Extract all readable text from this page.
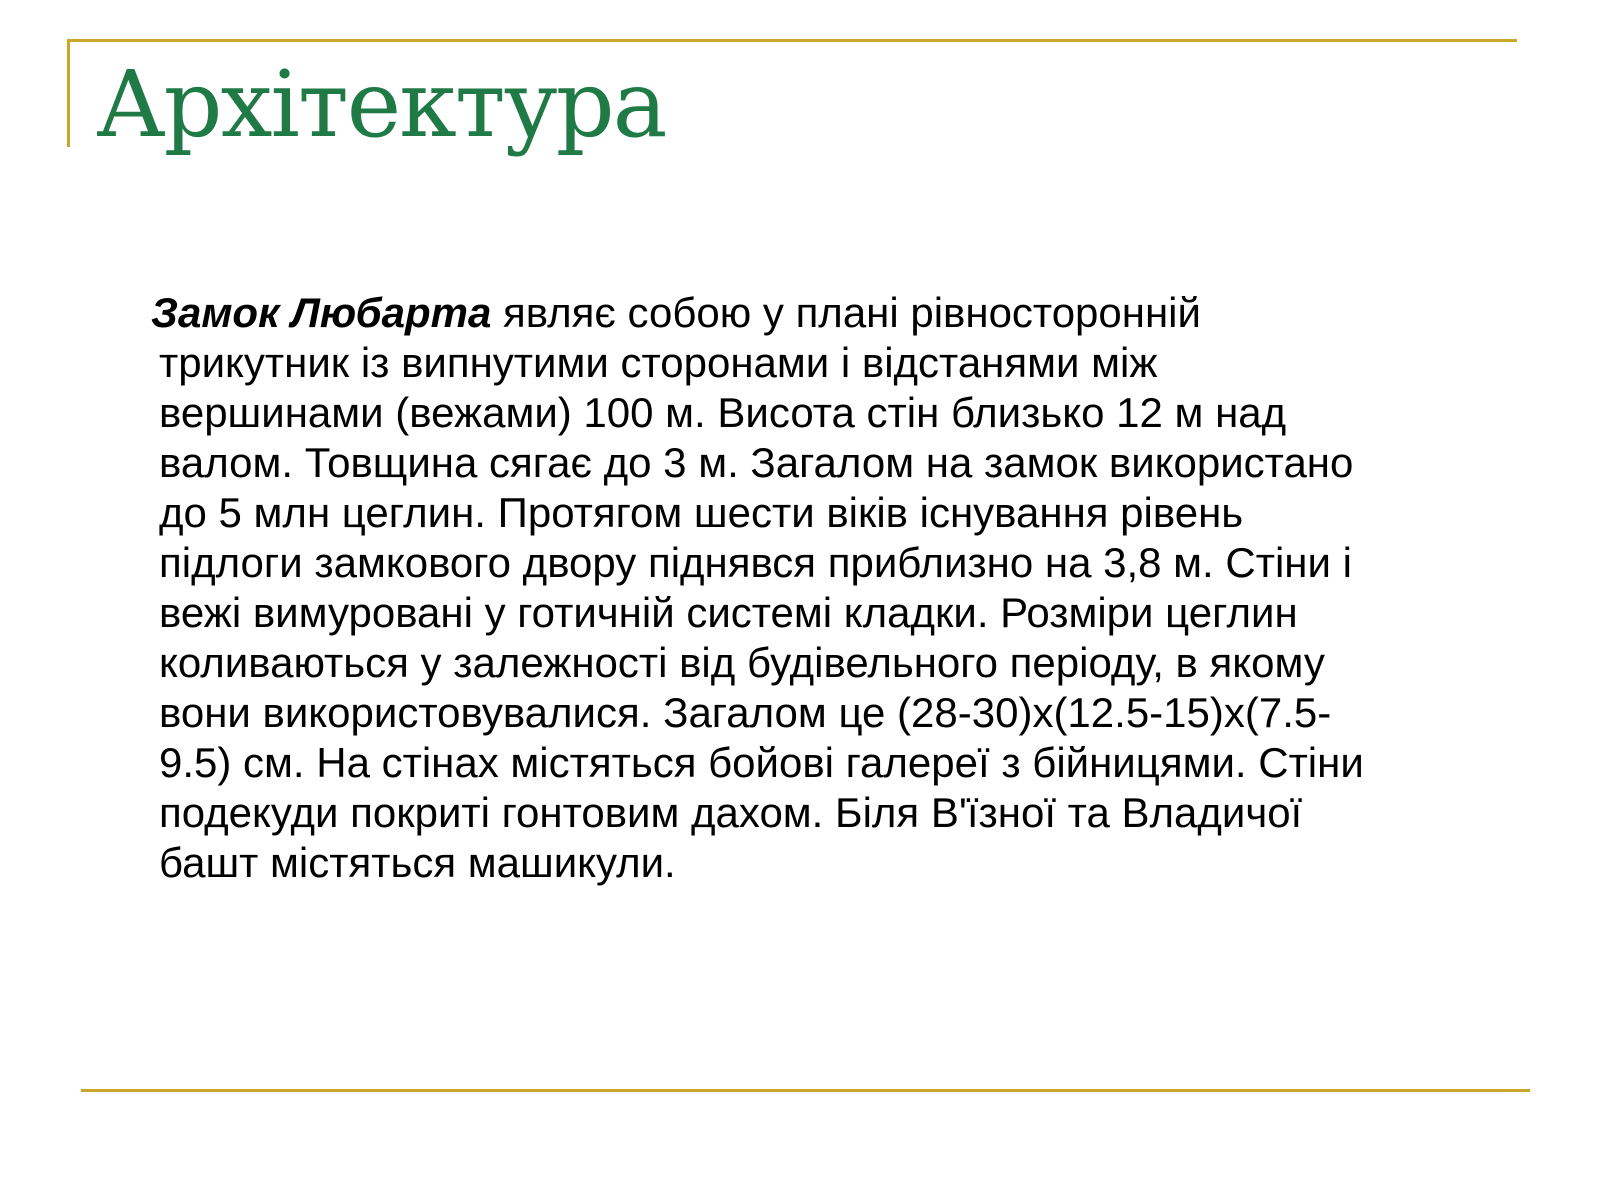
Архітектура
Замок Любарта являє собою у плані рівносторонній
трикутник із випнутими сторонами і відстанями між
вершинами (вежами) 100 м. Висота стін близько 12 м над
валом. Товщина сягає до 3 м. Загалом на замок використано
до 5 млн цеглин. Протягом шести віків існування рівень
підлоги замкового двору піднявся приблизно на 3,8 м. Стіни і
вежі вимуровані у готичній системі кладки. Розміри цеглин
коливаються у залежності від будівельного періоду, в якому
вони використовувалися. Загалом це (28-30)х(12.5-15)х(7.5-
9.5) см. На стінах містяться бойові галереї з бійницями. Стіни
подекуди покриті гонтовим дахом. Біля В'їзної та Владичої
башт містяться машикули.
